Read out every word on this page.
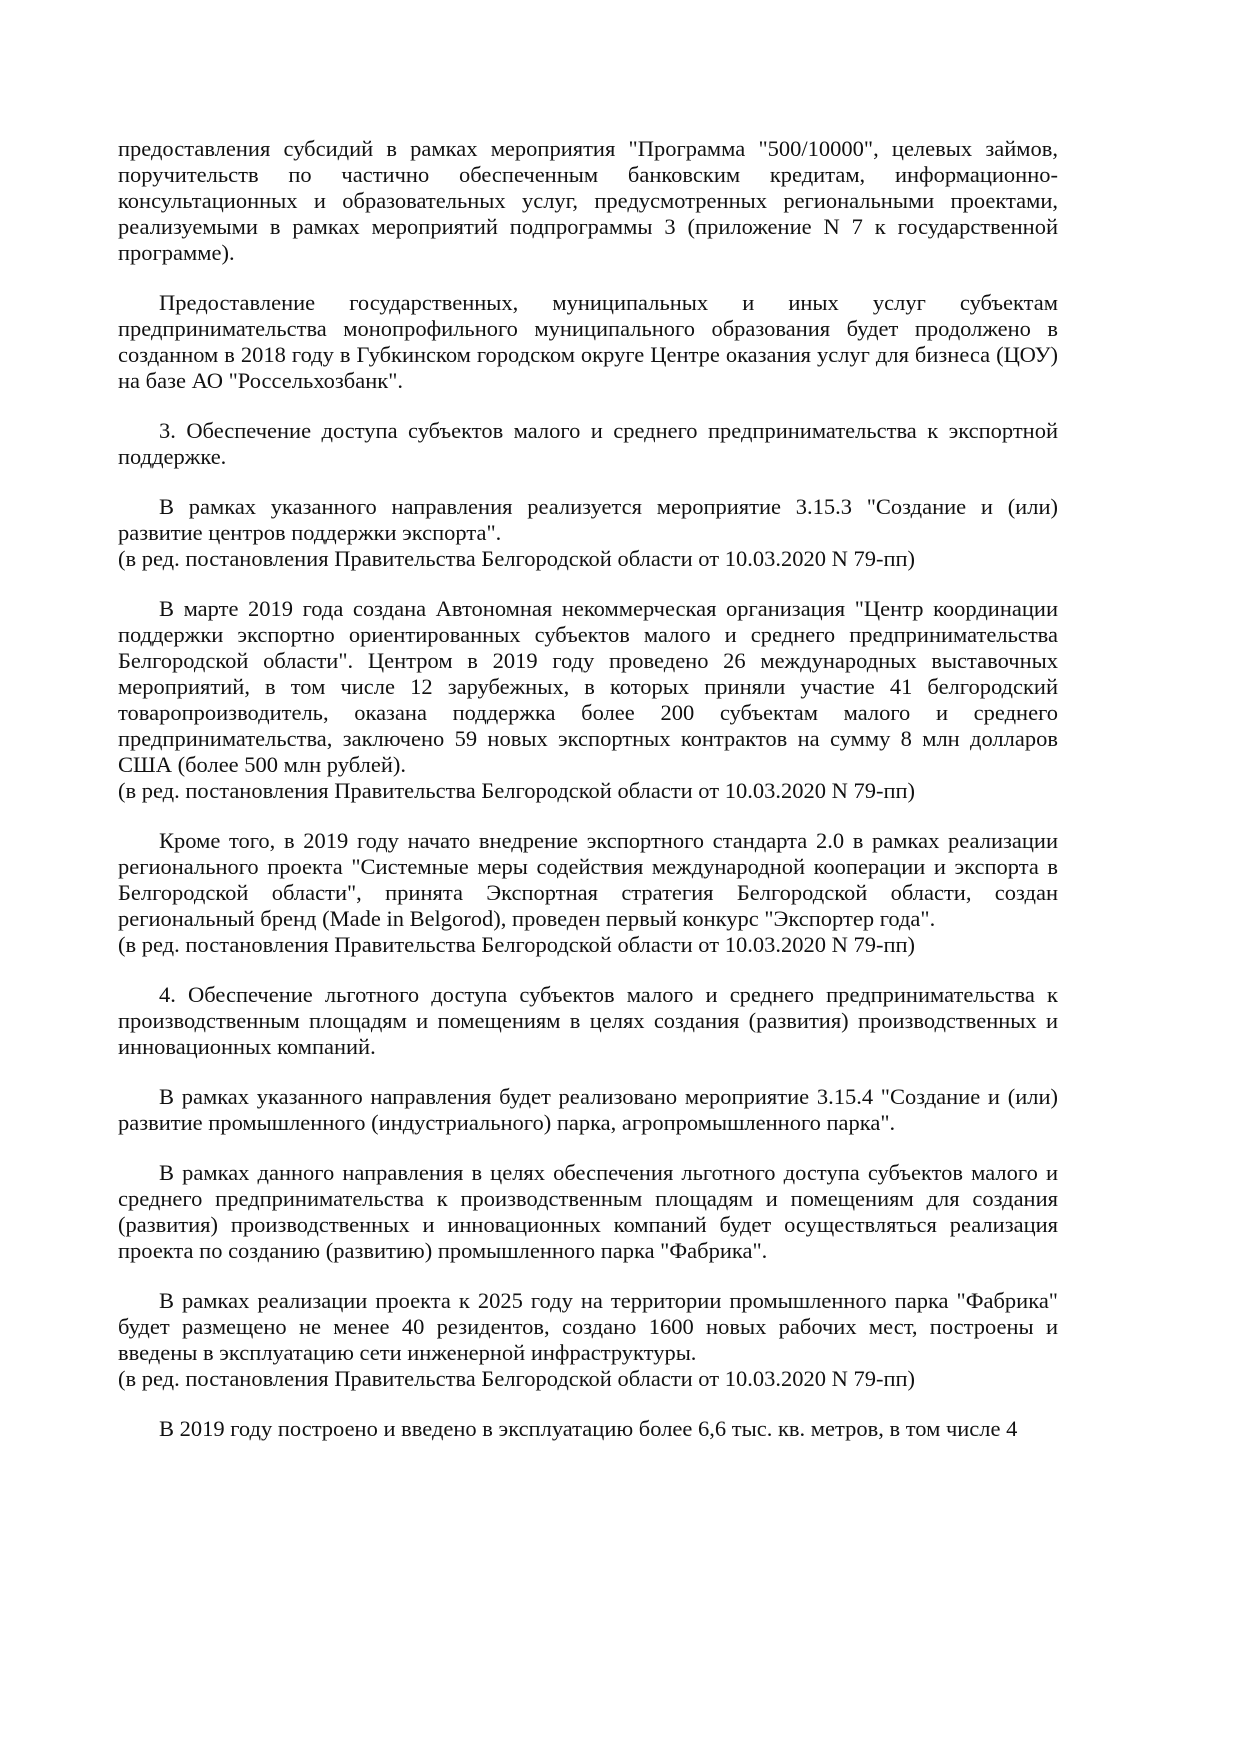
предоставления субсидий в рамках мероприятия "Программа "500/10000", целевых займов, поручительств по частично обеспеченным банковским кредитам, информационно-консультационных и образовательных услуг, предусмотренных региональными проектами, реализуемыми в рамках мероприятий подпрограммы 3 (приложение N 7 к государственной программе).

Предоставление государственных, муниципальных и иных услуг субъектам предпринимательства монопрофильного муниципального образования будет продолжено в созданном в 2018 году в Губкинском городском округе Центре оказания услуг для бизнеса (ЦОУ) на базе АО "Россельхозбанк".

3. Обеспечение доступа субъектов малого и среднего предпринимательства к экспортной поддержке.

В рамках указанного направления реализуется мероприятие 3.15.3 "Создание и (или) развитие центров поддержки экспорта".

(в ред. постановления Правительства Белгородской области от 10.03.2020 N 79-пп)

В марте 2019 года создана Автономная некоммерческая организация "Центр координации поддержки экспортно ориентированных субъектов малого и среднего предпринимательства Белгородской области". Центром в 2019 году проведено 26 международных выставочных мероприятий, в том числе 12 зарубежных, в которых приняли участие 41 белгородский товаропроизводитель, оказана поддержка более 200 субъектам малого и среднего предпринимательства, заключено 59 новых экспортных контрактов на сумму 8 млн долларов США (более 500 млн рублей).

(в ред. постановления Правительства Белгородской области от 10.03.2020 N 79-пп)

Кроме того, в 2019 году начато внедрение экспортного стандарта 2.0 в рамках реализации регионального проекта "Системные меры содействия международной кооперации и экспорта в Белгородской области", принята Экспортная стратегия Белгородской области, создан региональный бренд (Made in Belgorod), проведен первый конкурс "Экспортер года".

(в ред. постановления Правительства Белгородской области от 10.03.2020 N 79-пп)

4. Обеспечение льготного доступа субъектов малого и среднего предпринимательства к производственным площадям и помещениям в целях создания (развития) производственных и инновационных компаний.

В рамках указанного направления будет реализовано мероприятие 3.15.4 "Создание и (или) развитие промышленного (индустриального) парка, агропромышленного парка".

В рамках данного направления в целях обеспечения льготного доступа субъектов малого и среднего предпринимательства к производственным площадям и помещениям для создания (развития) производственных и инновационных компаний будет осуществляться реализация проекта по созданию (развитию) промышленного парка "Фабрика".

В рамках реализации проекта к 2025 году на территории промышленного парка "Фабрика" будет размещено не менее 40 резидентов, создано 1600 новых рабочих мест, построены и введены в эксплуатацию сети инженерной инфраструктуры.

(в ред. постановления Правительства Белгородской области от 10.03.2020 N 79-пп)

В 2019 году построено и введено в эксплуатацию более 6,6 тыс. кв. метров, в том числе 4
